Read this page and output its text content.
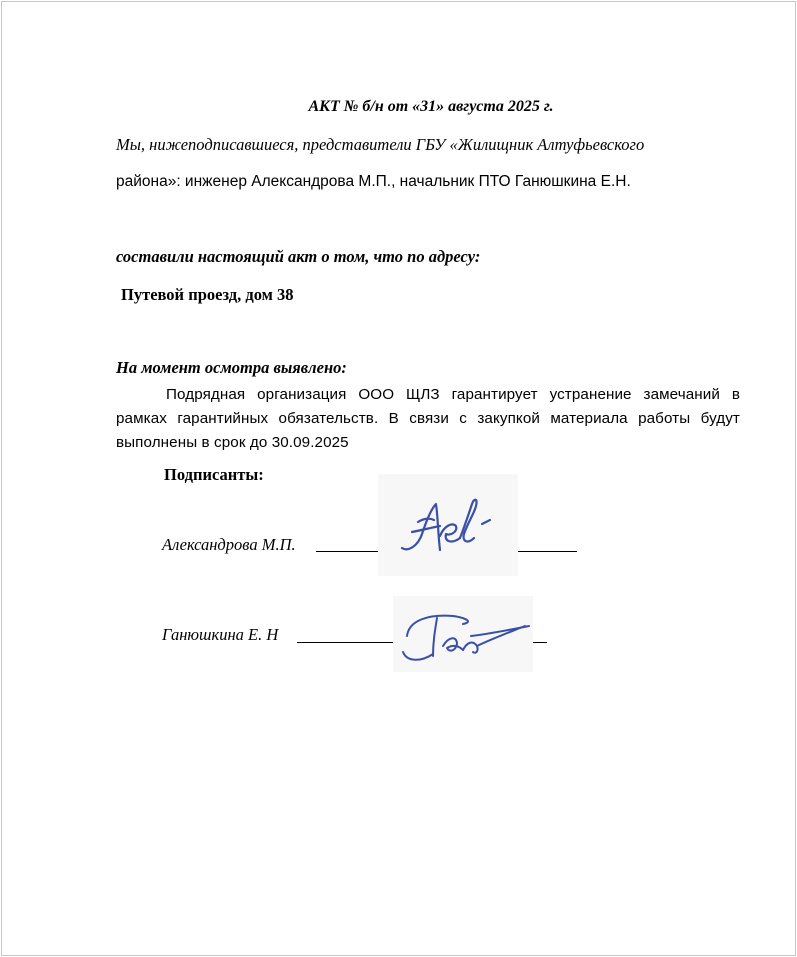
АКТ № б/н от «31» августа 2025 г.
Мы, нижеподписавшиеся, представители ГБУ «Жилищник Алтуфьевского
района»: инженер Александрова М.П., начальник ПТО Ганюшкина Е.Н.
составили настоящий акт о том, что по адресу:
Путевой проезд, дом 38
На момент осмотра выявлено:
Подрядная организация ООО ЩЛЗ гарантирует устранение замечаний в рамках гарантийных обязательств. В связи с закупкой материала работы будут выполнены в срок до 30.09.2025
Подписанты:
Александрова М.П.
Ганюшкина Е. Н
